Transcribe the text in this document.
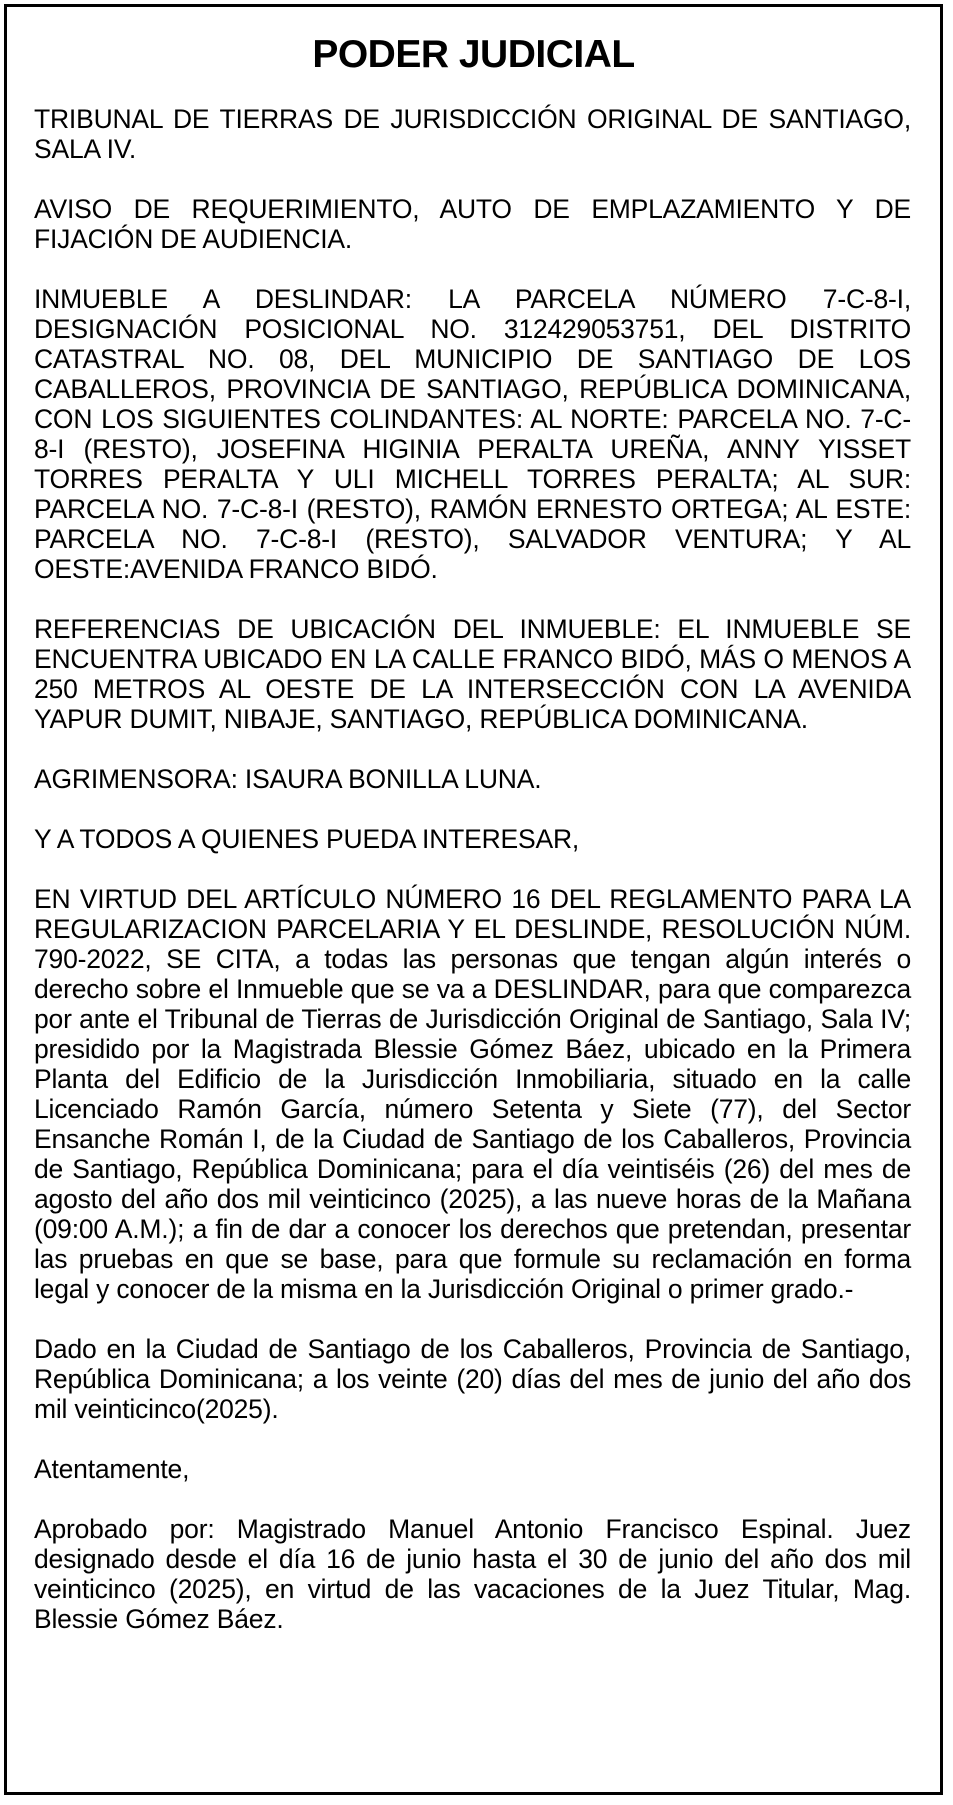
PODER JUDICIAL

TRIBUNAL DE TIERRAS DE JURISDICCIÓN ORIGINAL DE SANTIAGO, SALA IV.

AVISO DE REQUERIMIENTO, AUTO DE EMPLAZAMIENTO Y DE FIJACIÓN DE AUDIENCIA.

INMUEBLE A DESLINDAR: LA PARCELA NÚMERO 7-C-8-I, DESIGNACIÓN POSICIONAL NO. 312429053751, DEL DISTRITO CATASTRAL NO. 08, DEL MUNICIPIO DE SANTIAGO DE LOS CABALLEROS, PROVINCIA DE SANTIAGO, REPÚBLICA DOMINICANA, CON LOS SIGUIENTES COLINDANTES: AL NORTE: PARCELA NO. 7-C-8-I (RESTO), JOSEFINA HIGINIA PERALTA UREÑA, ANNY YISSET TORRES PERALTA Y ULI MICHELL TORRES PERALTA; AL SUR: PARCELA NO. 7-C-8-I (RESTO), RAMÓN ERNESTO ORTEGA; AL ESTE: PARCELA NO. 7-C-8-I (RESTO), SALVADOR VENTURA; Y AL OESTE:AVENIDA FRANCO BIDÓ.

REFERENCIAS DE UBICACIÓN DEL INMUEBLE: EL INMUEBLE SE ENCUENTRA UBICADO EN LA CALLE FRANCO BIDÓ, MÁS O MENOS A 250 METROS AL OESTE DE LA INTERSECCIÓN CON LA AVENIDA YAPUR DUMIT, NIBAJE, SANTIAGO, REPÚBLICA DOMINICANA.

AGRIMENSORA: ISAURA BONILLA LUNA.

Y A TODOS A QUIENES PUEDA INTERESAR,

EN VIRTUD DEL ARTÍCULO NÚMERO 16 DEL REGLAMENTO PARA LA REGULARIZACION PARCELARIA Y EL DESLINDE, RESOLUCIÓN NÚM. 790-2022, SE CITA, a todas las personas que tengan algún interés o derecho sobre el Inmueble que se va a DESLINDAR, para que comparezca por ante el Tribunal de Tierras de Jurisdicción Original de Santiago, Sala IV; presidido por la Magistrada Blessie Gómez Báez, ubicado en la Primera Planta del Edificio de la Jurisdicción Inmobiliaria, situado en la calle Licenciado Ramón García, número Setenta y Siete (77), del Sector Ensanche Román I, de la Ciudad de Santiago de los Caballeros, Provincia de Santiago, República Dominicana; para el día veintiséis (26) del mes de agosto del año dos mil veinticinco (2025), a las nueve horas de la Mañana (09:00 A.M.); a fin de dar a conocer los derechos que pretendan, presentar las pruebas en que se base, para que formule su reclamación en forma legal y conocer de la misma en la Jurisdicción Original o primer grado.-

Dado en la Ciudad de Santiago de los Caballeros, Provincia de Santiago, República Dominicana; a los veinte (20) días del mes de junio del año dos mil veinticinco(2025).

Atentamente,

Aprobado por: Magistrado Manuel Antonio Francisco Espinal. Juez designado desde el día 16 de junio hasta el 30 de junio del año dos mil veinticinco (2025), en virtud de las vacaciones de la Juez Titular, Mag. Blessie Gómez Báez.
